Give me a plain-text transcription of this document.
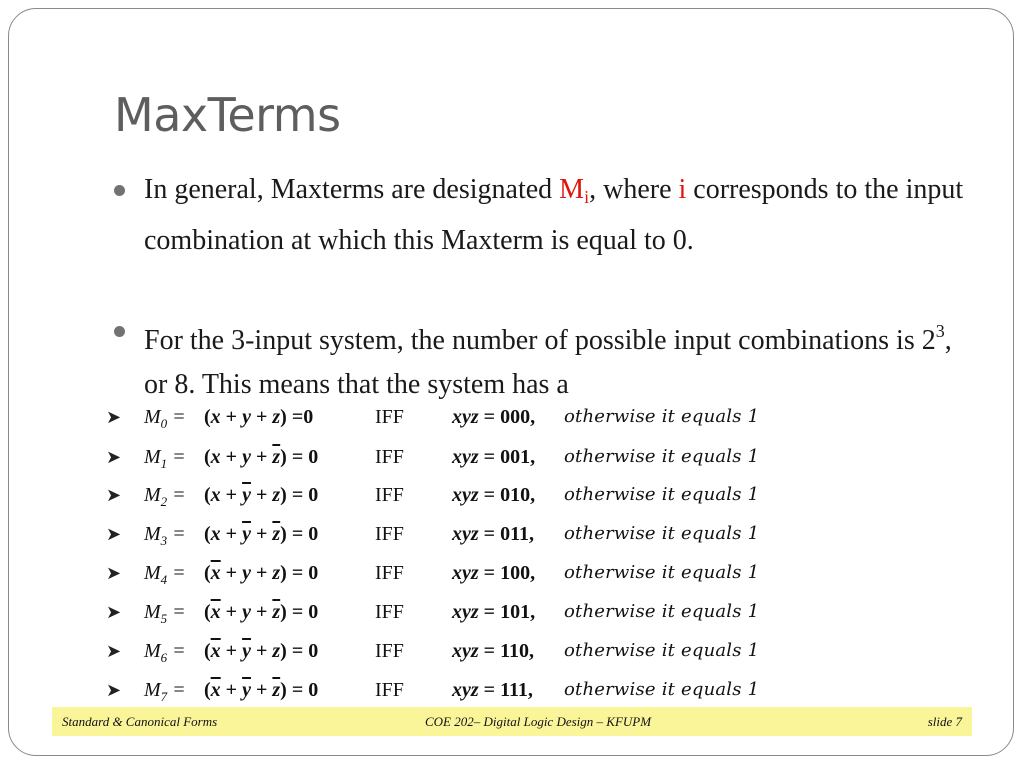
MaxTerms
In general, Maxterms are designated $M_i$, where i corresponds to the input combination at which this Maxterm is equal to 0.
For the 3-input system, the number of possible input combinations is $2^3$, or 8. This means that the system has a
➤ $M_0 = (x + y + z) =0$	IFF xyz = 000, otherwise it equals 1
➤ $M_1 = (x + y + \overline{z}) = 0$	IFF xyz = 001, otherwise it equals 1
➤ $M_2 = (x + \overline{y} + z) = 0$	IFF xyz = 010, otherwise it equals 1
➤ $M_3 = (x + \overline{y} + \overline{z}) = 0$	IFF xyz = 011, otherwise it equals 1
➤ $M_4 = (\overline{x} + y + z) = 0$	IFF xyz = 100, otherwise it equals 1
➤ $M_5 = (\overline{x} + y + \overline{z}) = 0$	IFF xyz = 101, otherwise it equals 1
➤ $M_6 = (\overline{x} + \overline{y} + z) = 0$	IFF xyz = 110, otherwise it equals 1
➤ $M_7 = (\overline{x} + \overline{y} + \overline{z}) = 0$	IFF xyz = 111, otherwise it equals 1
Standard & Canonical Forms	COE 202– Digital Logic Design – KFUPM	slide 7
